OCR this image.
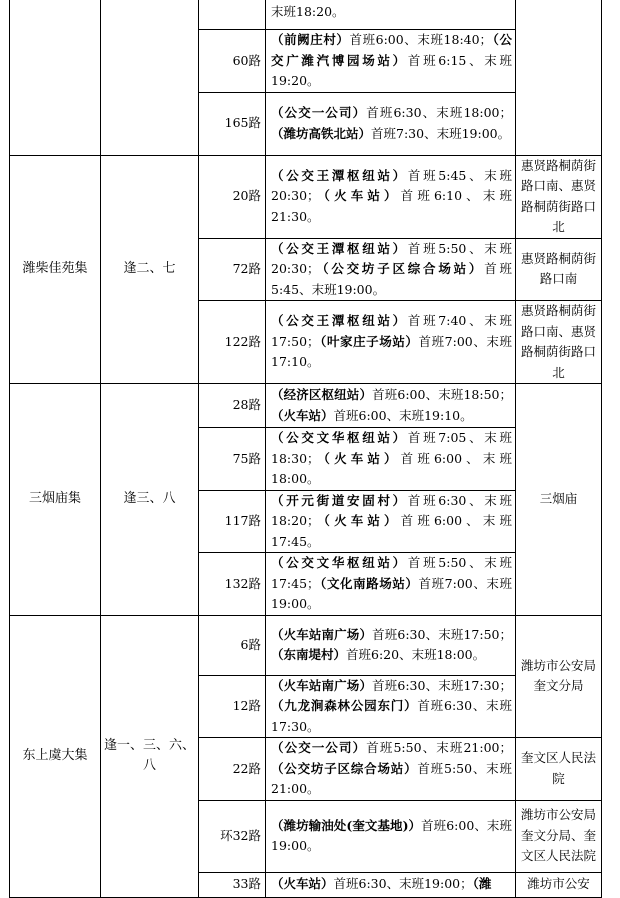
			末班18:20。	
		60路	（前阙庄村）首班6:00、末班18:40；（公交广潍汽博园场站）首班6:15、末班19:20。	
		165路	（公交一公司）首班6:30、末班18:00；（潍坊高铁北站）首班7:30、末班19:00。	
潍柴佳苑集	逢二、七	20路	（公交王潭枢纽站）首班5:45、末班20:30；（火车站）首班6:10、末班21:30。	惠贤路桐荫街路口南、惠贤路桐荫街路口北
		72路	（公交王潭枢纽站）首班5:50、末班20:30；（公交坊子区综合场站）首班5:45、末班19:00。	惠贤路桐荫街路口南
		122路	（公交王潭枢纽站）首班7:40、末班17:50；（叶家庄子场站）首班7:00、末班17:10。	惠贤路桐荫街路口南、惠贤路桐荫街路口北
三烟庙集	逢三、八	28路	（经济区枢纽站）首班6:00、末班18:50；（火车站）首班6:00、末班19:10。	三烟庙
		75路	（公交文华枢纽站）首班7:05、末班18:30；（火车站）首班6:00、末班18:00。	
		117路	（开元街道安固村）首班6:30、末班18:20；（火车站）首班6:00、末班17:45。	
		132路	（公交文华枢纽站）首班5:50、末班17:45；（文化南路场站）首班7:00、末班19:00。	
东上虞大集	逢一、三、六、八	6路	（火车站南广场）首班6:30、末班17:50；（东南堤村）首班6:20、末班18:00。	潍坊市公安局奎文分局
		12路	（火车站南广场）首班6:30、末班17:30；（九龙涧森林公园东门）首班6:30、末班17:30。	
		22路	（公交一公司）首班5:50、末班21:00；（公交坊子区综合场站）首班5:50、末班21:00。	奎文区人民法院
		环32路	（潍坊输油处(奎文基地)）首班6:00、末班19:00。	潍坊市公安局奎文分局、奎文区人民法院
		33路	（火车站）首班6:30、末班19:00；（潍	潍坊市公安
